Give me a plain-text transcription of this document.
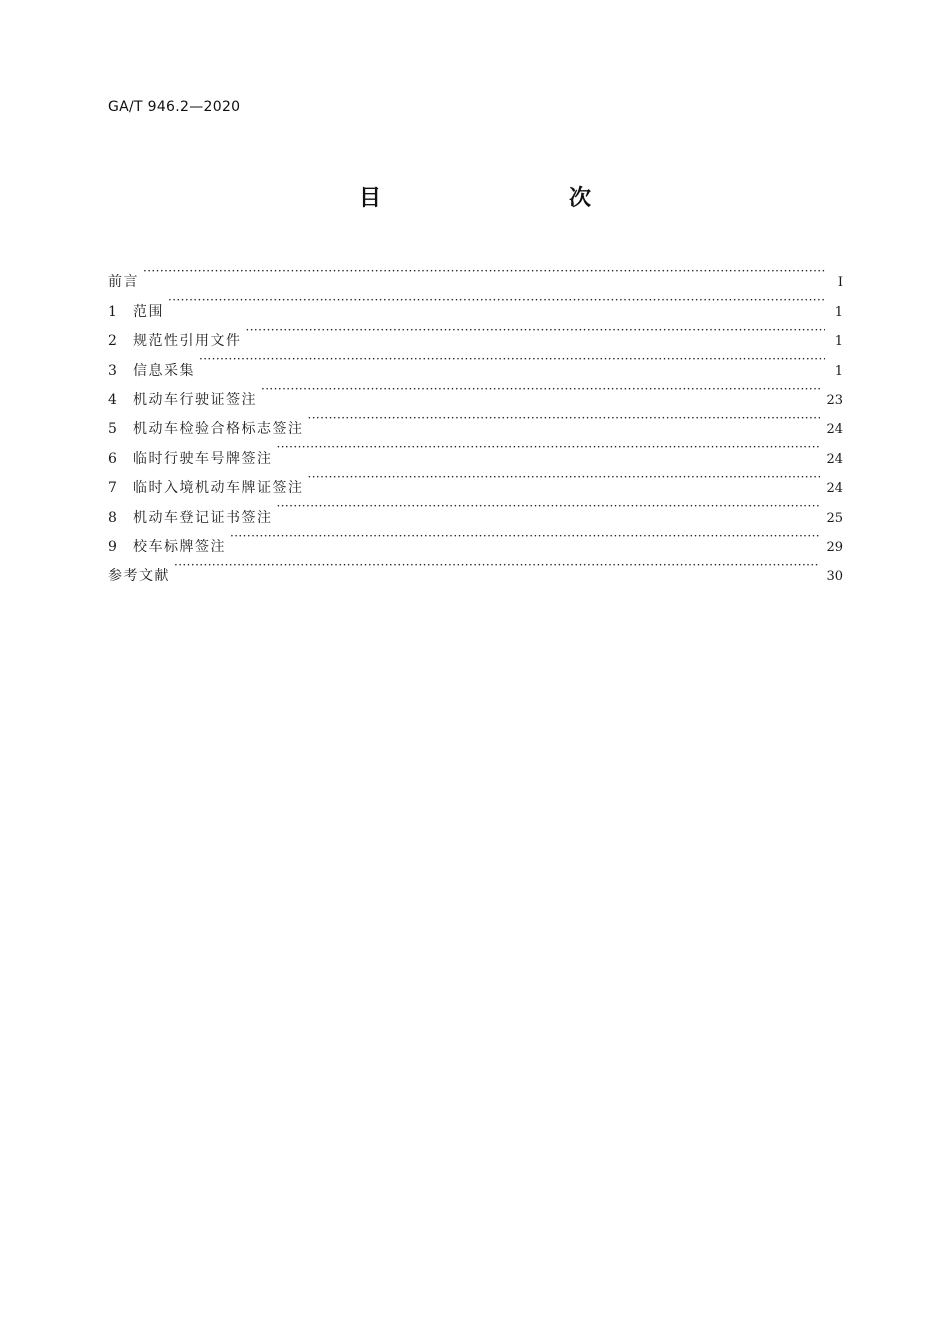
GA/T 946.2—2020
目　　次
前言 ·····	Ⅰ
1	范围 ·····	1
2	规范性引用文件 ·····	1
3	信息采集 ·····	1
4	机动车行驶证签注 ·····	23
5	机动车检验合格标志签注 ·····	24
6	临时行驶车号牌签注 ·····	24
7	临时入境机动车牌证签注 ·····	24
8	机动车登记证书签注 ·····	25
9	校车标牌签注 ·····	29
参考文献 ·····	30
